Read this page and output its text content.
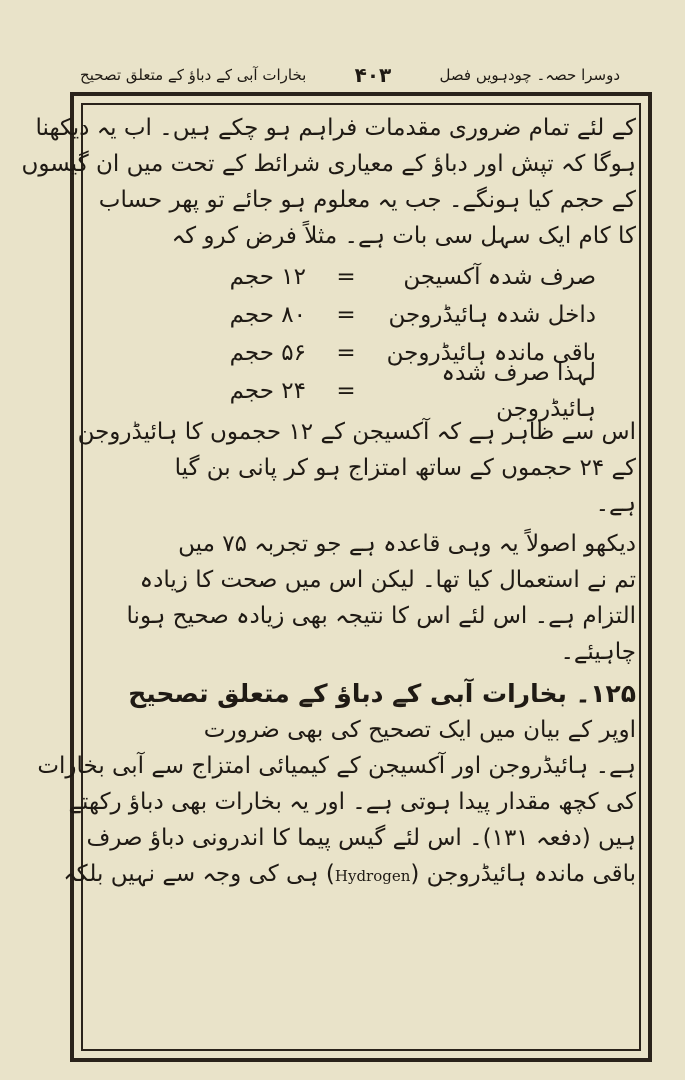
دوسرا حصہ۔ چودہویں فصل
۴۰۳
بخارات آبی کے دباؤ کے متعلق تصحیح
کے لئے تمام ضروری مقدمات فراہم ہو چکے ہیں۔ اب یہ دیکھنا
ہوگا کہ تپش اور دباؤ کے معیاری شرائط کے تحت میں ان گیسوں
کے حجم کیا ہونگے۔ جب یہ معلوم ہو جائے تو پھر حساب
کا کام ایک سہل سی بات ہے۔ مثلاً فرض کرو کہ
صرف شدہ آکسیجن
=
۱۲ حجم
داخل شدہ ہائیڈروجن
=
۸۰ حجم
باقی ماندہ ہائیڈروجن
=
۵۶ حجم
لہذا صرف شدہ ہائیڈروجن
=
۲۴ حجم
اس سے ظاہر ہے کہ آکسیجن کے ۱۲ حجموں کا ہائیڈروجن
کے ۲۴ حجموں کے ساتھ امتزاج ہو کر پانی بن گیا
ہے۔
دیکھو اصولاً یہ وہی قاعدہ ہے جو تجربہ ۷۵ میں
تم نے استعمال کیا تھا۔ لیکن اس میں صحت کا زیادہ
التزام ہے۔ اس لئے اس کا نتیجہ بھی زیادہ صحیح ہونا
چاہیئے۔
۱۲۵۔ بخارات آبی کے دباؤ کے متعلق تصحیح
اوپر کے بیان میں ایک تصحیح کی بھی ضرورت
ہے۔ ہائیڈروجن اور آکسیجن کے کیمیائی امتزاج سے آبی بخارات
کی کچھ مقدار پیدا ہوتی ہے۔ اور یہ بخارات بھی دباؤ رکھتے
ہیں (دفعہ ۱۳۱)۔ اس لئے گیس پیما کا اندرونی دباؤ صرف
باقی ماندہ ہائیڈروجن (Hydrogen) ہی کی وجہ سے نہیں بلکہ
